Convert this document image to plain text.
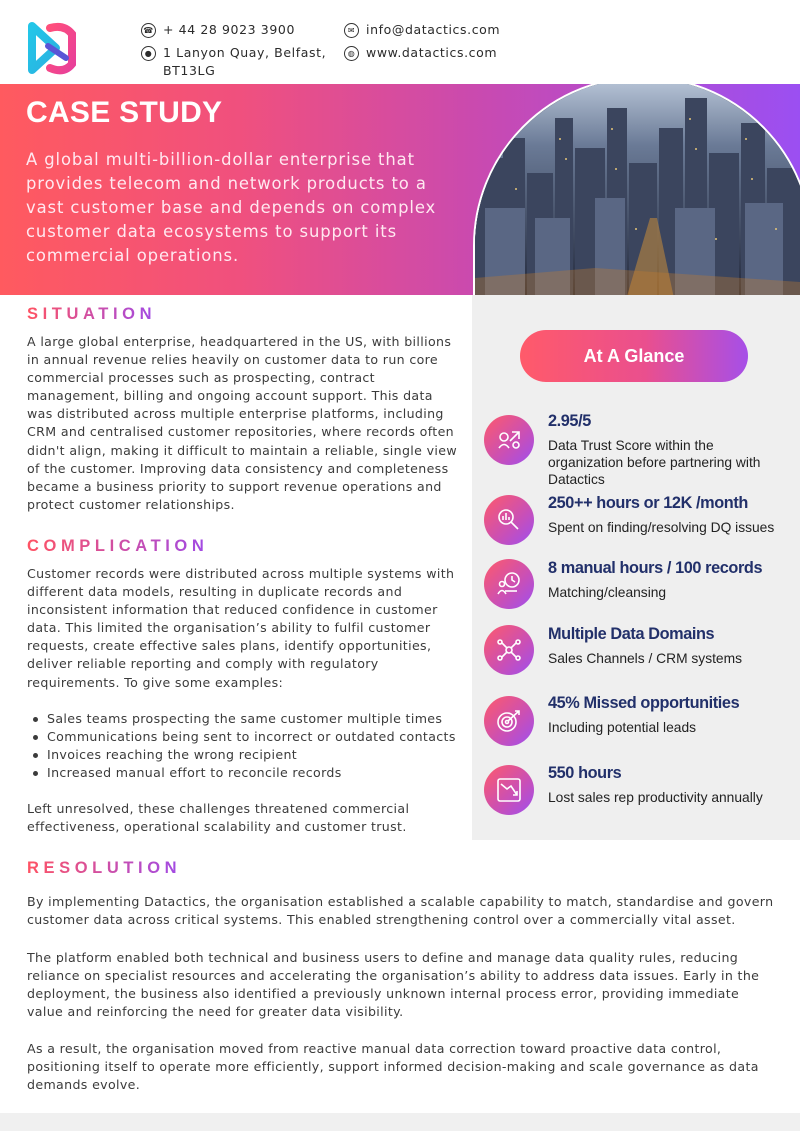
☎ + 44 28 9023 3900
● 1 Lanyon Quay, Belfast, BT13LG
✉ info@datactics.com
◍ www.datactics.com
CASE STUDY
A global multi-billion-dollar enterprise that provides telecom and network products to a vast customer base and depends on complex customer data ecosystems to support its commercial operations.
SITUATION
A large global enterprise, headquartered in the US, with billions in annual revenue relies heavily on customer data to run core commercial processes such as prospecting, contract management, billing and ongoing account support. This data was distributed across multiple enterprise platforms, including CRM and centralised customer repositories, where records often didn't align, making it difficult to maintain a reliable, single view of the customer. Improving data consistency and completeness became a business priority to support revenue operations and protect customer relationships.
COMPLICATION
Customer records were distributed across multiple systems with different data models, resulting in duplicate records and inconsistent information that reduced confidence in customer data. This limited the organisation’s ability to fulfil customer requests, create effective sales plans, identify opportunities, deliver reliable reporting and comply with regulatory requirements. To give some examples:
Sales teams prospecting the same customer multiple times
Communications being sent to incorrect or outdated contacts
Invoices reaching the wrong recipient
Increased manual effort to reconcile records
Left unresolved, these challenges threatened commercial effectiveness, operational scalability and customer trust.
At A Glance
2.95/5
Data Trust Score within the organization before partnering with Datactics
250++ hours or 12K /month
Spent on finding/resolving DQ issues
8 manual hours / 100 records
Matching/cleansing
Multiple Data Domains
Sales Channels / CRM systems
45% Missed opportunities
Including potential leads
550 hours
Lost sales rep productivity annually
RESOLUTION
By implementing Datactics, the organisation established a scalable capability to match, standardise and govern customer data across critical systems. This enabled strengthening control over a commercially vital asset.
The platform enabled both technical and business users to define and manage data quality rules, reducing reliance on specialist resources and accelerating the organisation’s ability to address data issues. Early in the deployment, the business also identified a previously unknown internal process error, providing immediate value and reinforcing the need for greater data visibility.
As a result, the organisation moved from reactive manual data correction toward proactive data control, positioning itself to operate more efficiently, support informed decision-making and scale governance as data demands evolve.
